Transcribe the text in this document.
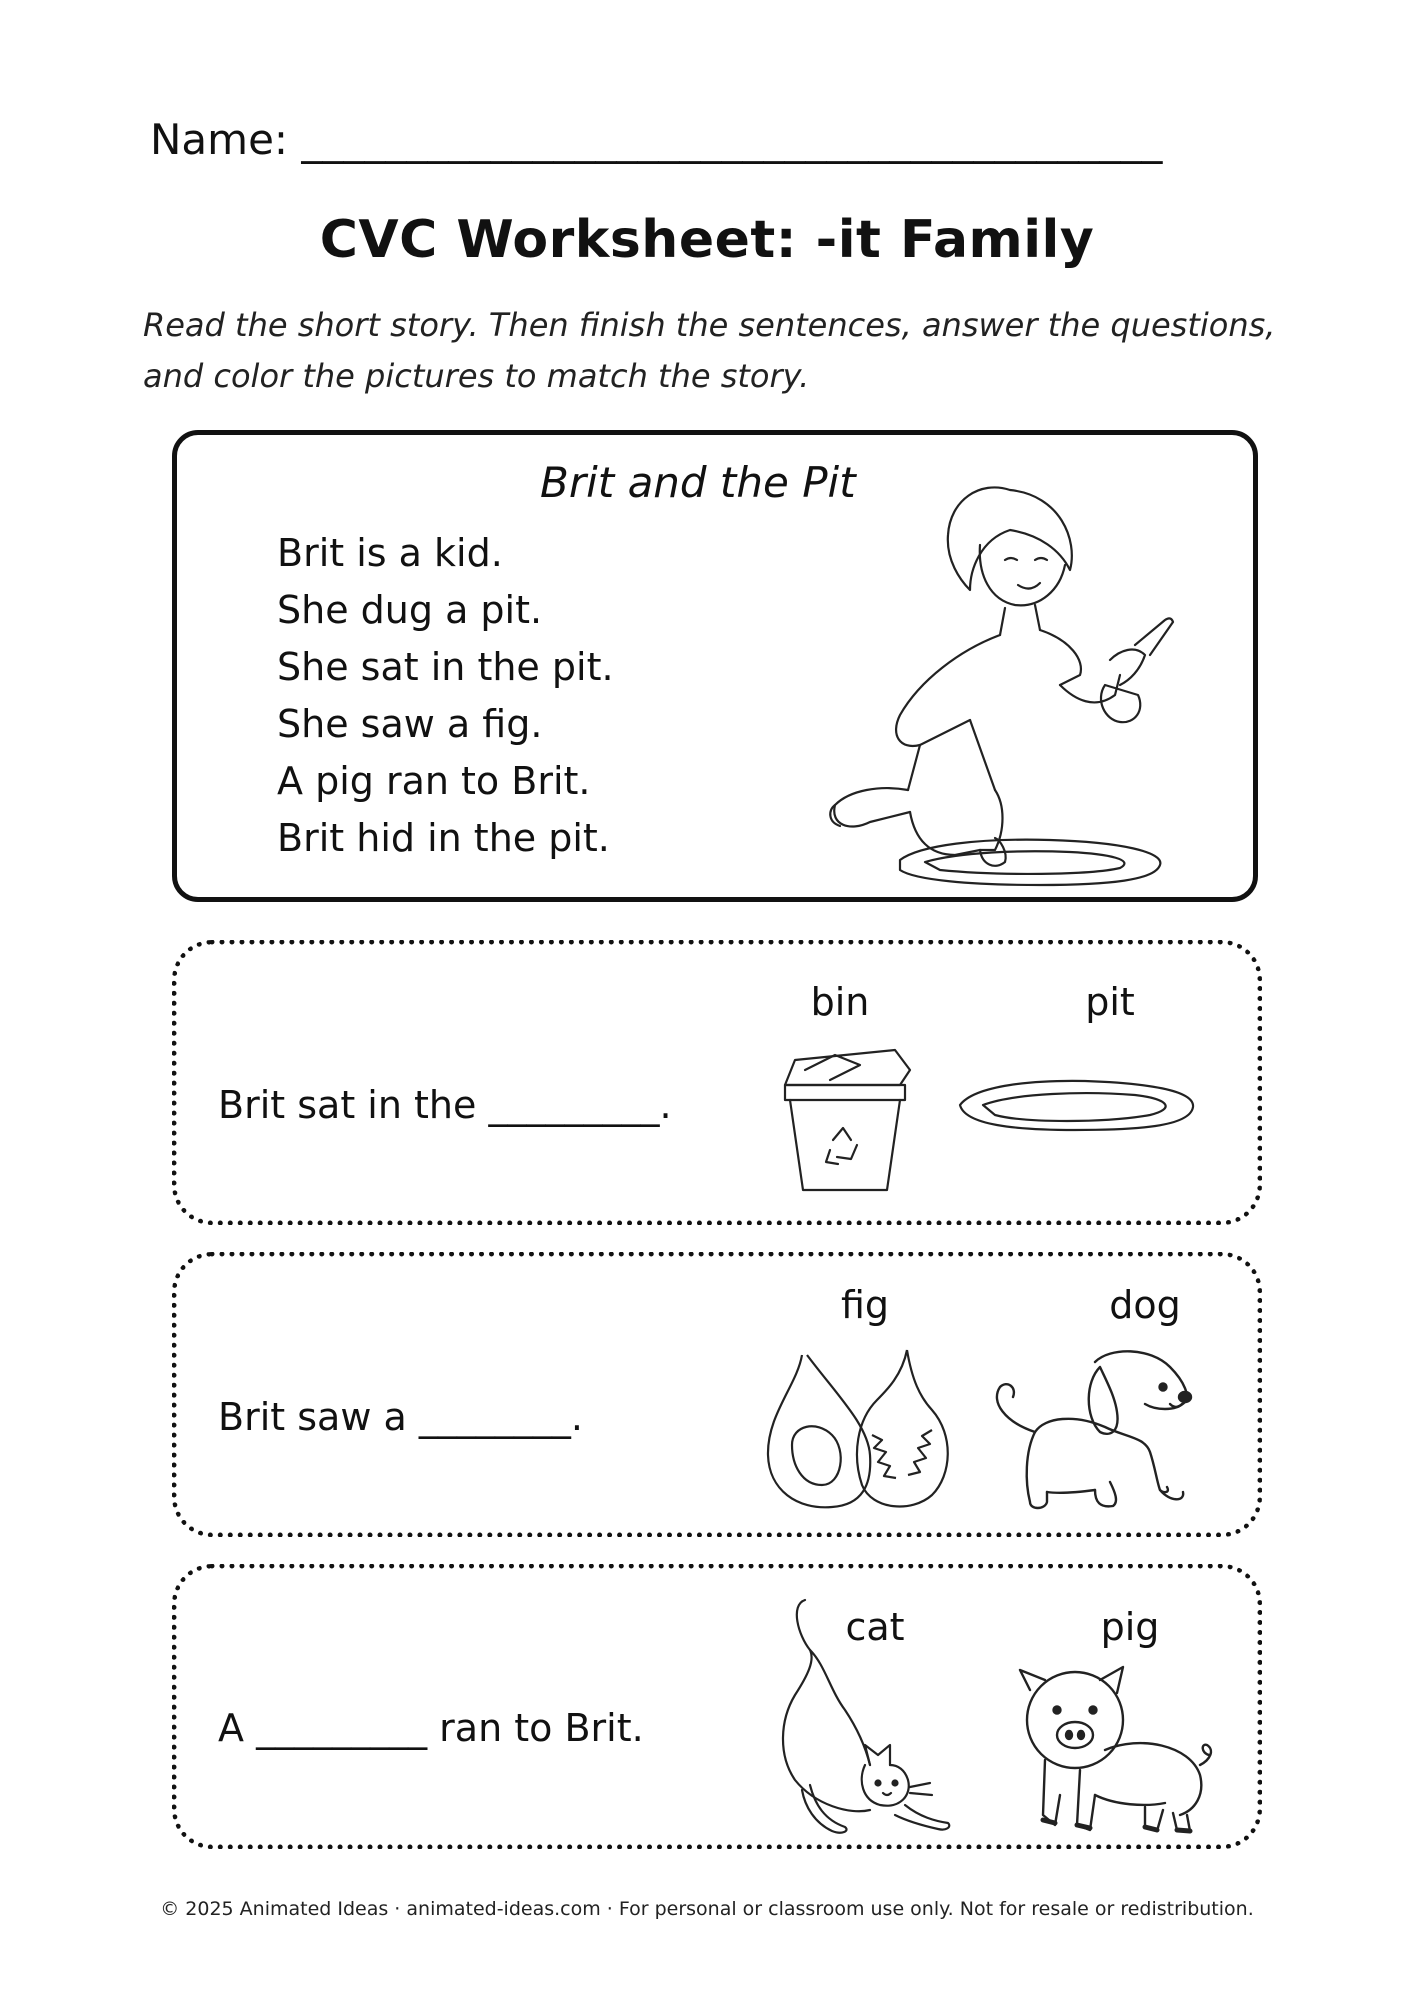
Name: _________________________________________
CVC Worksheet: -it Family
Read the short story. Then finish the sentences, answer the questions, and color the pictures to match the story.
Brit and the Pit
Brit is a kid.
She dug a pit.
She sat in the pit.
She saw a fig.
A pig ran to Brit.
Brit hid in the pit.
Brit sat in the _________.
bin	pit
Brit saw a ________.
fig	dog
A _________ ran to Brit.
cat	pig
© 2025 Animated Ideas · animated-ideas.com · For personal or classroom use only. Not for resale or redistribution.
